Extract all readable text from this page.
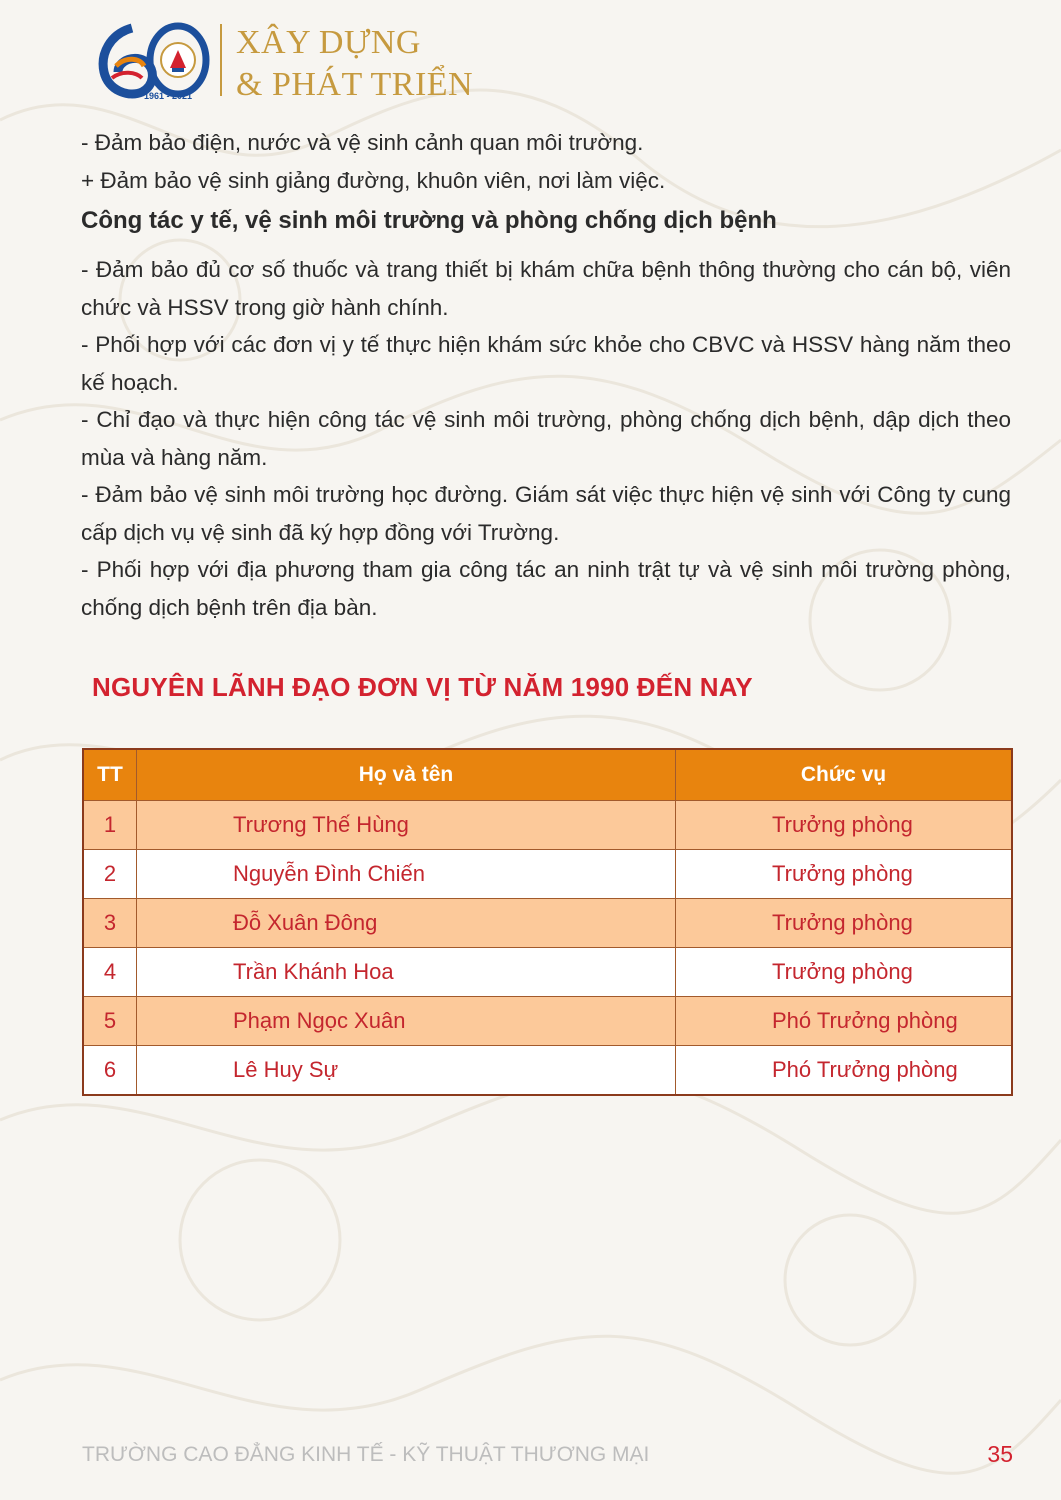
1961 - 2021
XÂY DỰNG
& PHÁT TRIỂN

- Đảm bảo điện, nước và vệ sinh cảnh quan môi trường.

+ Đảm bảo vệ sinh giảng đường, khuôn viên, nơi làm việc.

Công tác y tế, vệ sinh môi trường và phòng chống dịch bệnh

- Đảm bảo đủ cơ số thuốc và trang thiết bị khám chữa bệnh thông thường cho cán bộ, viên chức và HSSV trong giờ hành chính.

- Phối hợp với các đơn vị y tế thực hiện khám sức khỏe cho CBVC và HSSV hàng năm theo kế hoạch.

- Chỉ đạo và thực hiện công tác vệ sinh môi trường, phòng chống dịch bệnh, dập dịch theo mùa và hàng năm.

- Đảm bảo vệ sinh môi trường học đường. Giám sát việc thực hiện vệ sinh với Công ty cung cấp dịch vụ vệ sinh đã ký hợp đồng với Trường.

- Phối hợp với địa phương tham gia công tác an ninh trật tự và vệ sinh môi trường phòng, chống dịch bệnh trên địa bàn.

NGUYÊN LÃNH ĐẠO ĐƠN VỊ TỪ NĂM 1990 ĐẾN NAY
TT	Họ và tên	Chức vụ
1	Trương Thế Hùng	Trưởng phòng
2	Nguyễn Đình Chiến	Trưởng phòng
3	Đỗ Xuân Đông	Trưởng phòng
4	Trần Khánh Hoa	Trưởng phòng
5	Phạm Ngọc Xuân	Phó Trưởng phòng
6	Lê Huy Sự	Phó Trưởng phòng
TRƯỜNG CAO ĐẲNG KINH TẾ - KỸ THUẬT THƯƠNG MẠI	35
